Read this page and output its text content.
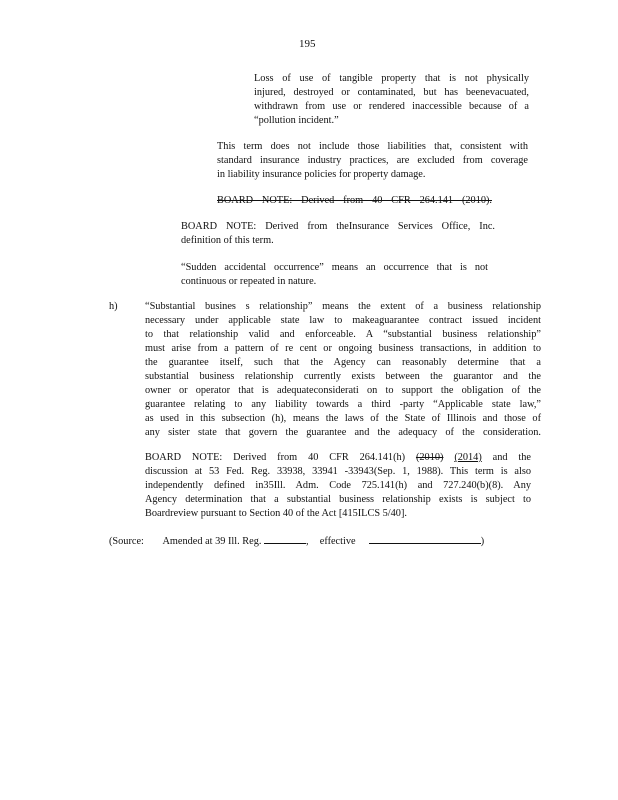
195
Loss of use of tangible property that is not physically
injured, destroyed or contaminated, but has beenevacuated,
withdrawn from use or rendered inaccessible because of a
“pollution incident.”
This term does not include those liabilities that, consistent with
standard insurance industry practices, are excluded from coverage
in liability insurance policies for property damage.
BOARD NOTE: Derived from 40 CFR 264.141 (2010).
BOARD NOTE: Derived from theInsurance Services Office, Inc.
definition of this term.
“Sudden accidental occurrence” means an occurrence that is not
continuous or repeated in nature.
h)	“Substantial busines s relationship” means the extent of a business relationship
necessary under applicable state law to makeaguarantee contract issued incident
to that relationship valid and enforceable. A “substantial business relationship”
must arise from a pattern of re cent or ongoing business transactions, in addition to
the guarantee itself, such that the Agency can reasonably determine that a
substantial business relationship currently exists between the guarantor and the
owner or operator that is adequateconsiderati on to support the obligation of the
guarantee relating to any liability towards a third -party “Applicable state law,”
as used in this subsection (h), means the laws of the State of Illinois and those of
any sister state that govern the guarantee and the adequacy of the consideration.
BOARD NOTE: Derived from 40 CFR 264.141(h) (2010) (2014) and the
discussion at 53 Fed. Reg. 33938, 33941 -33943(Sep. 1, 1988). This term is also
independently defined in35Ill. Adm. Code 725.141(h) and 727.240(b)(8). Any
Agency determination that a substantial business relationship exists is subject to
Boardreview pursuant to Section 40 of the Act [415ILCS 5/40].
(Source: Amended at 39 Ill. Reg.	, effective	)
